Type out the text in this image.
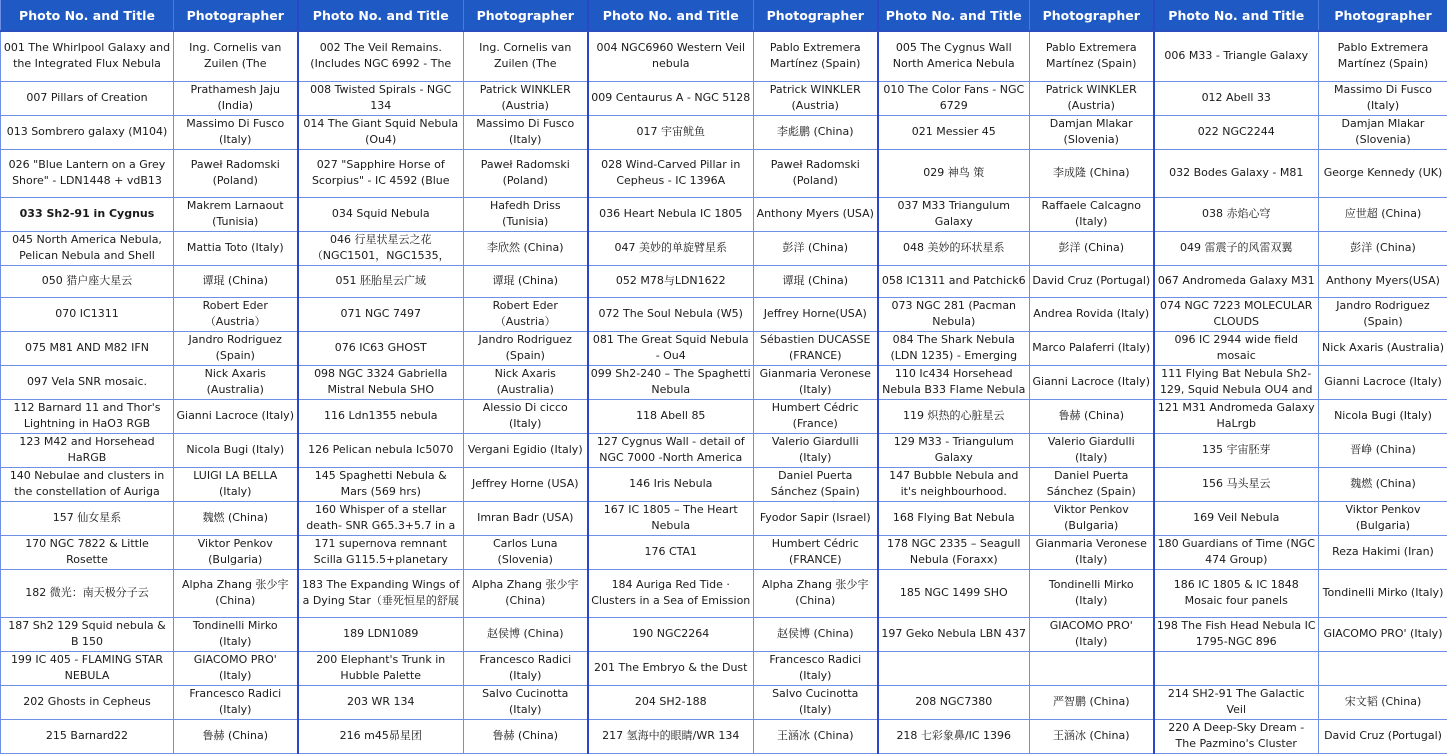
Photo No. and Title	Photographer	Photo No. and Title	Photographer	Photo No. and Title	Photographer	Photo No. and Title	Photographer	Photo No. and Title	Photographer

001 The Whirlpool Galaxy and the Integrated Flux Nebula	Ing. Cornelis van Zuilen (The	002 The Veil Remains. (Includes NGC 6992 - The	Ing. Cornelis van Zuilen (The	004 NGC6960 Western Veil nebula	Pablo Extremera Martínez (Spain)	005 The Cygnus Wall North America Nebula	Pablo Extremera Martínez (Spain)	006 M33 - Triangle Galaxy	Pablo Extremera Martínez (Spain)

007 Pillars of Creation	Prathamesh Jaju (India)	008 Twisted Spirals - NGC 134	Patrick WINKLER (Austria)	009 Centaurus A - NGC 5128	Patrick WINKLER (Austria)	010 The Color Fans - NGC 6729	Patrick WINKLER (Austria)	012 Abell 33	Massimo Di Fusco (Italy)

013 Sombrero galaxy (M104)	Massimo Di Fusco (Italy)	014 The Giant Squid Nebula (Ou4)	Massimo Di Fusco (Italy)	017 宇宙鱿鱼	李彪鹏 (China)	021 Messier 45	Damjan Mlakar (Slovenia)	022 NGC2244	Damjan Mlakar (Slovenia)

026 "Blue Lantern on a Grey Shore" - LDN1448 + vdB13	Paweł Radomski (Poland)	027 "Sapphire Horse of Scorpius" - IC 4592 (Blue	Paweł Radomski (Poland)	028 Wind-Carved Pillar in Cepheus - IC 1396A	Paweł Radomski (Poland)	029 神鸟 策	李成隆 (China)	032 Bodes Galaxy - M81	George Kennedy (UK)

033 Sh2-91 in Cygnus	Makrem Larnaout (Tunisia)	034 Squid Nebula	Hafedh Driss (Tunisia)	036 Heart Nebula IC 1805	Anthony Myers (USA)	037 M33 Triangulum Galaxy	Raffaele Calcagno (Italy)	038 赤焰心穹	应世超 (China)

045 North America Nebula, Pelican Nebula and Shell	Mattia Toto (Italy)	046 行星状星云之花（NGC1501，NGC1535，	李欣然 (China)	047 美妙的单旋臂星系	彭洋 (China)	048 美妙的环状星系	彭洋 (China)	049 雷震子的风雷双翼	彭洋 (China)

050 猎户座大星云	谭琨 (China)	051 胚胎星云广域	谭琨 (China)	052 M78与LDN1622	谭琨 (China)	058 IC1311 and Patchick6	David Cruz (Portugal)	067 Andromeda Galaxy M31	Anthony Myers(USA)

070 IC1311	Robert Eder （Austria）	071 NGC 7497	Robert Eder （Austria）	072 The Soul Nebula (W5)	Jeffrey Horne(USA)	073 NGC 281 (Pacman Nebula)	Andrea Rovida (Italy)	074 NGC 7223 MOLECULAR CLOUDS	Jandro Rodriguez (Spain)

075 M81 AND M82 IFN	Jandro Rodriguez (Spain)	076 IC63 GHOST	Jandro Rodriguez (Spain)	081 The Great Squid Nebula - Ou4	Sébastien DUCASSE (FRANCE)	084 The Shark Nebula (LDN 1235) - Emerging	Marco Palaferri (Italy)	096 IC 2944 wide field mosaic	Nick Axaris (Australia)

097 Vela SNR mosaic.	Nick Axaris (Australia)	098 NGC 3324 Gabriella Mistral Nebula SHO	Nick Axaris (Australia)	099 Sh2-240 – The Spaghetti Nebula	Gianmaria Veronese (Italy)	110 Ic434 Horsehead Nebula B33 Flame Nebula	Gianni Lacroce (Italy)	111 Flying Bat Nebula Sh2-129, Squid Nebula OU4 and	Gianni Lacroce (Italy)

112 Barnard 11 and Thor's Lightning in HaO3 RGB	Gianni Lacroce (Italy)	116 Ldn1355 nebula	Alessio Di cicco (Italy)	118 Abell 85	Humbert Cédric (France)	119 炽热的心脏星云	鲁赫 (China)	121 M31 Andromeda Galaxy HaLrgb	Nicola Bugi (Italy)

123 M42 and Horsehead HaRGB	Nicola Bugi (Italy)	126 Pelican nebula Ic5070	Vergani Egidio (Italy)	127 Cygnus Wall - detail of NGC 7000 -North America	Valerio Giardulli (Italy)	129 M33 - Triangulum Galaxy	Valerio Giardulli (Italy)	135 宇宙胚芽	晋峥 (China)

140 Nebulae and clusters in the constellation of Auriga	LUIGI LA BELLA (Italy)	145 Spaghetti Nebula & Mars (569 hrs)	Jeffrey Horne (USA)	146 Iris Nebula	Daniel Puerta Sánchez (Spain)	147 Bubble Nebula and it's neighbourhood.	Daniel Puerta Sánchez (Spain)	156 马头星云	魏燃 (China)

157 仙女星系	魏燃 (China)	160 Whisper of a stellar death- SNR G65.3+5.7 in a	Imran Badr (USA)	167 IC 1805 – The Heart Nebula	Fyodor Sapir (Israel)	168 Flying Bat Nebula	Viktor Penkov (Bulgaria)	169 Veil Nebula	Viktor Penkov (Bulgaria)

170 NGC 7822 & Little Rosette	Viktor Penkov (Bulgaria)	171 supernova remnant Scilla G115.5+planetary	Carlos Luna (Slovenia)	176 CTA1	Humbert Cédric (FRANCE)	178 NGC 2335 – Seagull Nebula (Foraxx)	Gianmaria Veronese (Italy)	180 Guardians of Time (NGC 474 Group)	Reza Hakimi (Iran)

182 微光：南天极分子云	Alpha Zhang 张少宇 (China)	183 The Expanding Wings of a Dying Star（垂死恒星的舒展	Alpha Zhang 张少宇 (China)	184 Auriga Red Tide · Clusters in a Sea of Emission	Alpha Zhang 张少宇 (China)	185 NGC 1499 SHO	Tondinelli Mirko (Italy)	186 IC 1805 & IC 1848 Mosaic four panels	Tondinelli Mirko (Italy)

187 Sh2 129 Squid nebula & B 150	Tondinelli Mirko (Italy)	189 LDN1089	赵侯博 (China)	190 NGC2264	赵侯博 (China)	197 Geko Nebula LBN 437	GIACOMO PRO' (Italy)	198 The Fish Head Nebula IC 1795-NGC 896	GIACOMO PRO' (Italy)

199 IC 405 - FLAMING STAR NEBULA	GIACOMO PRO' (Italy)	200 Elephant's Trunk in Hubble Palette	Francesco Radici (Italy)	201 The Embryo & the Dust	Francesco Radici (Italy)				

202 Ghosts in Cepheus	Francesco Radici (Italy)	203 WR 134	Salvo Cucinotta (Italy)	204 SH2-188	Salvo Cucinotta (Italy)	208 NGC7380	严智鹏 (China)	214 SH2-91 The Galactic Veil	宋文韬 (China)

215 Barnard22	鲁赫 (China)	216 m45昴星团	鲁赫 (China)	217 氢海中的眼睛/WR 134	王涵冰 (China)	218 七彩象鼻/IC 1396	王涵冰 (China)	220 A Deep-Sky Dream - The Pazmino's Cluster	David Cruz (Portugal)
